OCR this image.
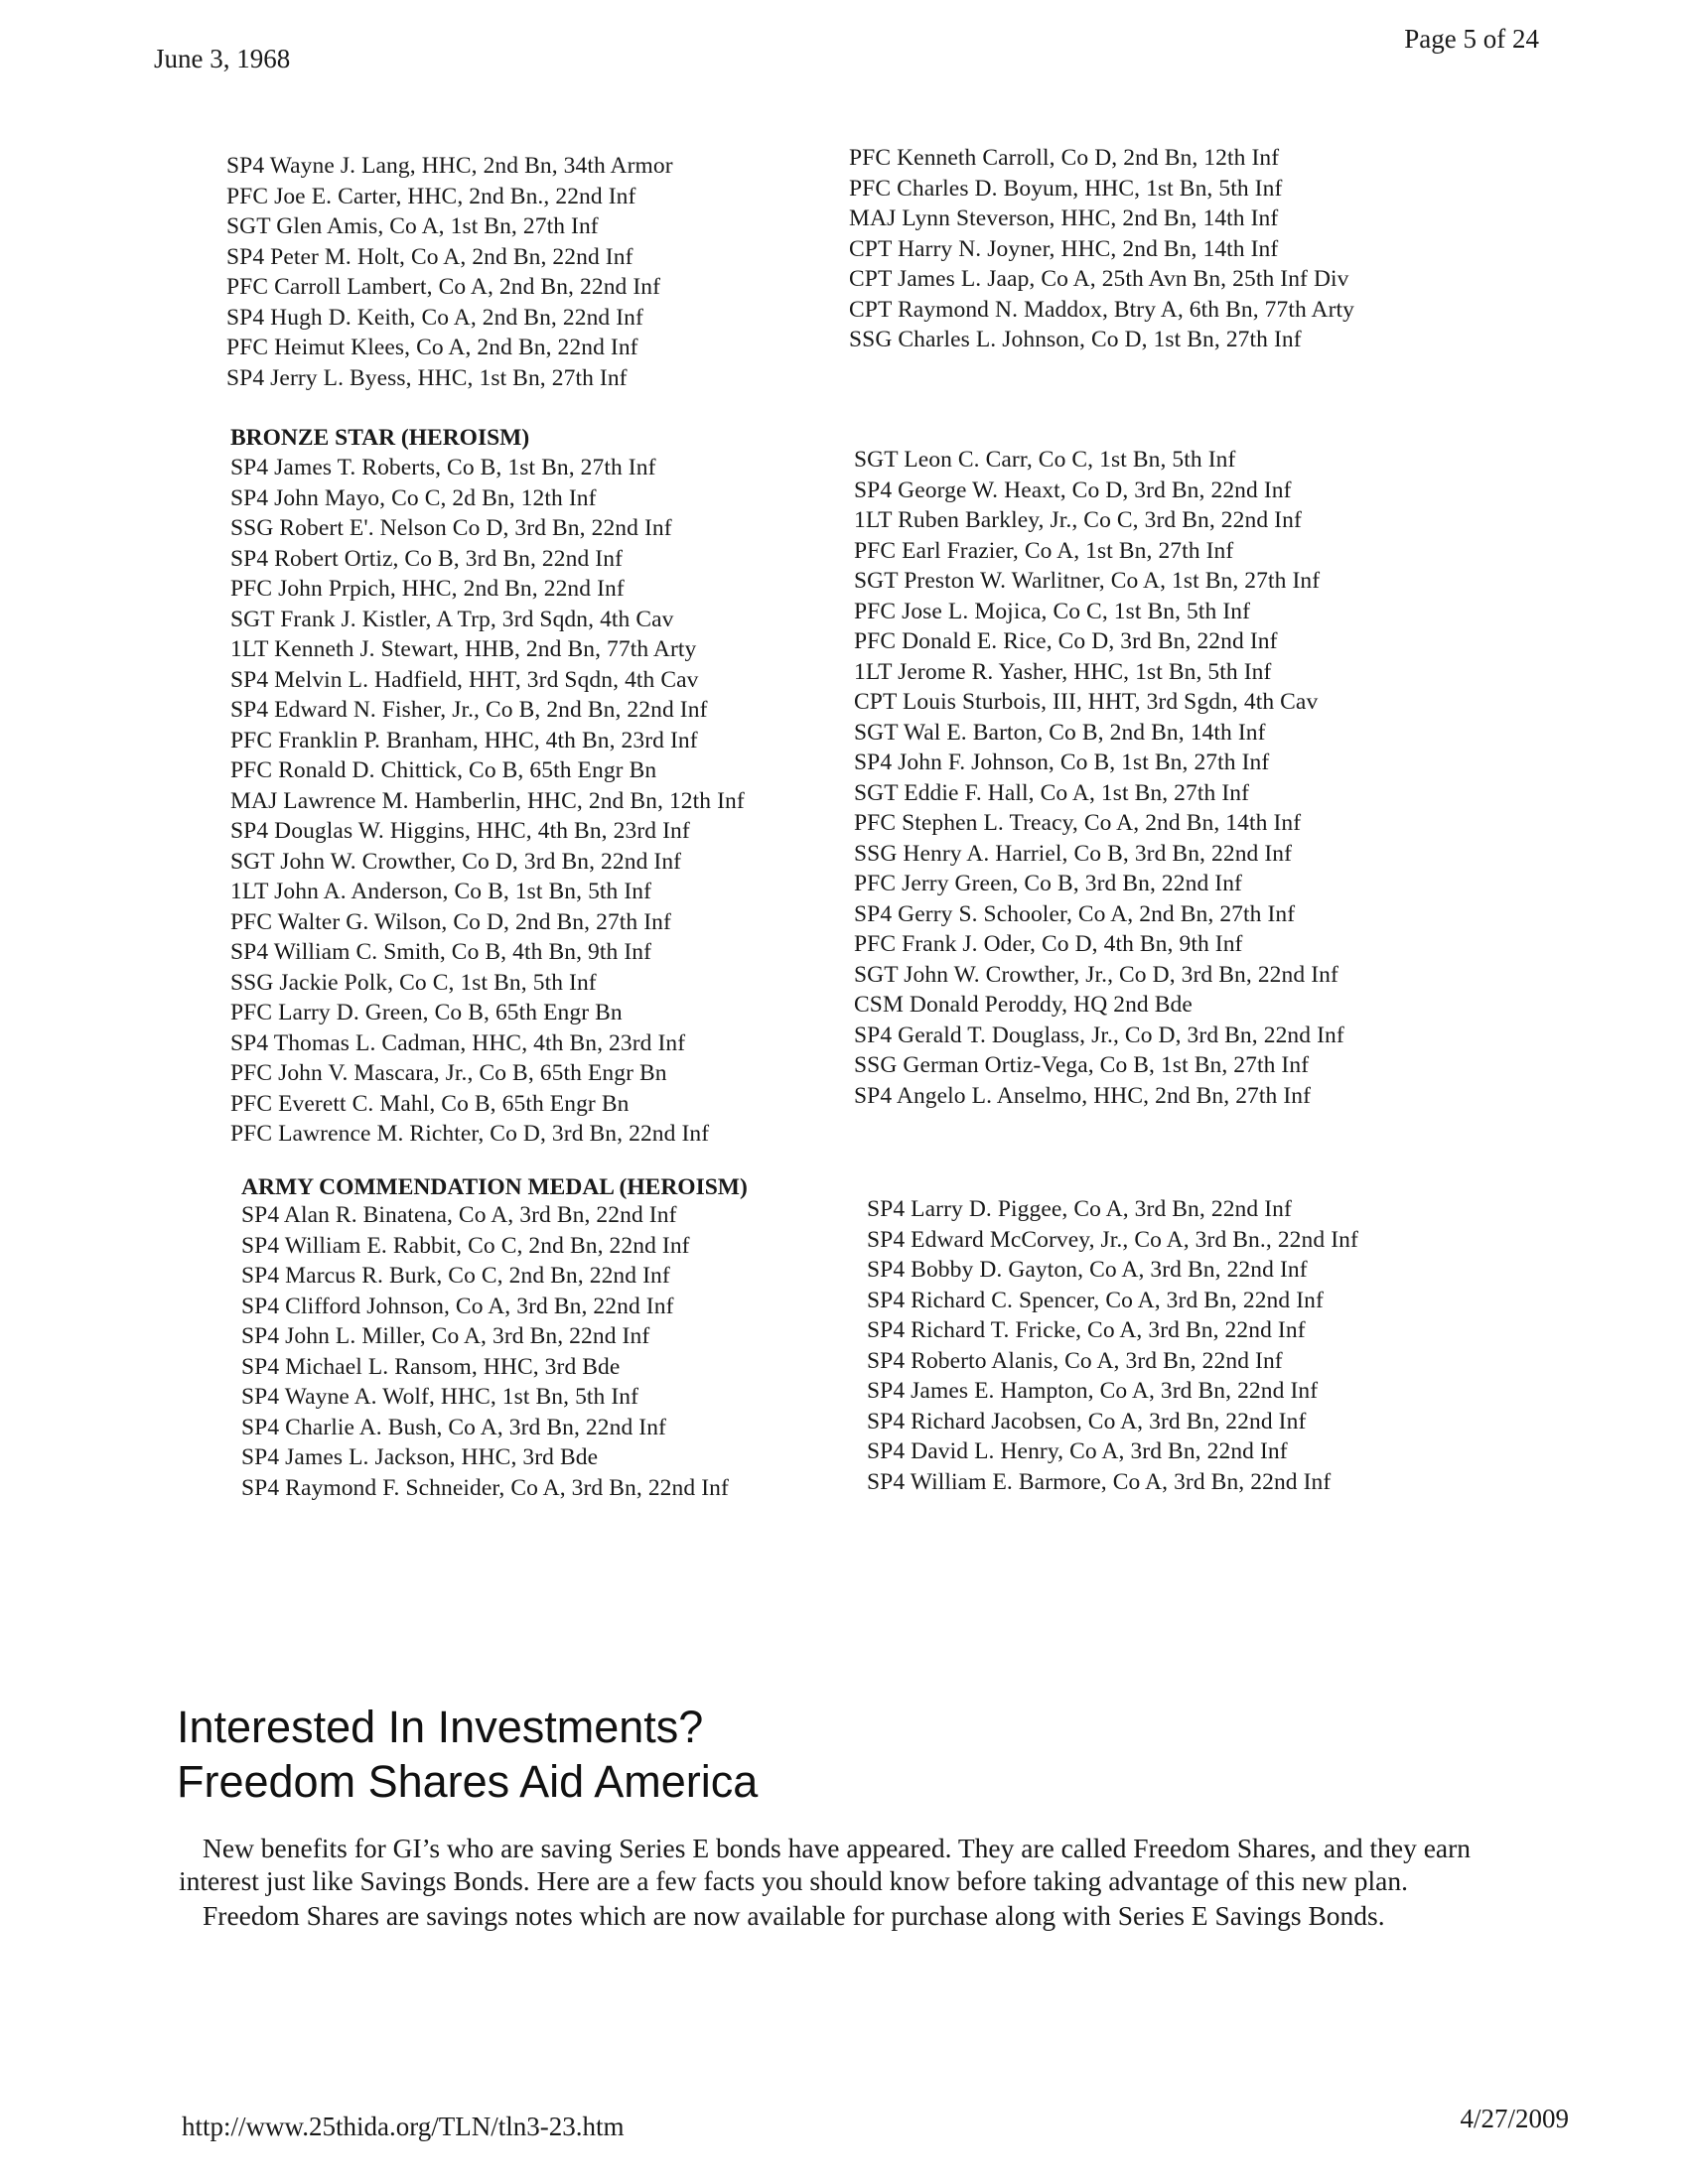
June 3, 1968
Page 5 of 24
SP4 Wayne J. Lang, HHC, 2nd Bn, 34th Armor
PFC Joe E. Carter, HHC, 2nd Bn., 22nd Inf
SGT Glen Amis, Co A, 1st Bn, 27th Inf
SP4 Peter M. Holt, Co A, 2nd Bn, 22nd Inf
PFC Carroll Lambert, Co A, 2nd Bn, 22nd Inf
SP4 Hugh D. Keith, Co A, 2nd Bn, 22nd Inf
PFC Heimut Klees, Co A, 2nd Bn, 22nd Inf
SP4 Jerry L. Byess, HHC, 1st Bn, 27th Inf
PFC Kenneth Carroll, Co D, 2nd Bn, 12th Inf
PFC Charles D. Boyum, HHC, 1st Bn, 5th Inf
MAJ Lynn Steverson, HHC, 2nd Bn, 14th Inf
CPT Harry N. Joyner, HHC, 2nd Bn, 14th Inf
CPT James L. Jaap, Co A, 25th Avn Bn, 25th Inf Div
CPT Raymond N. Maddox, Btry A, 6th Bn, 77th Arty
SSG Charles L. Johnson, Co D, 1st Bn, 27th Inf
BRONZE STAR (HEROISM)
SP4 James T. Roberts, Co B, 1st Bn, 27th Inf
SP4 John Mayo, Co C, 2d Bn, 12th Inf
SSG Robert E'. Nelson Co D, 3rd Bn, 22nd Inf
SP4 Robert Ortiz, Co B, 3rd Bn, 22nd Inf
PFC John Prpich, HHC, 2nd Bn, 22nd Inf
SGT Frank J. Kistler, A Trp, 3rd Sqdn, 4th Cav
1LT Kenneth J. Stewart, HHB, 2nd Bn, 77th Arty
SP4 Melvin L. Hadfield, HHT, 3rd Sqdn, 4th Cav
SP4 Edward N. Fisher, Jr., Co B, 2nd Bn, 22nd Inf
PFC Franklin P. Branham, HHC, 4th Bn, 23rd Inf
PFC Ronald D. Chittick, Co B, 65th Engr Bn
MAJ Lawrence M. Hamberlin, HHC, 2nd Bn, 12th Inf
SP4 Douglas W. Higgins, HHC, 4th Bn, 23rd Inf
SGT John W. Crowther, Co D, 3rd Bn, 22nd Inf
1LT John A. Anderson, Co B, 1st Bn, 5th Inf
PFC Walter G. Wilson, Co D, 2nd Bn, 27th Inf
SP4 William C. Smith, Co B, 4th Bn, 9th Inf
SSG Jackie Polk, Co C, 1st Bn, 5th Inf
PFC Larry D. Green, Co B, 65th Engr Bn
SP4 Thomas L. Cadman, HHC, 4th Bn, 23rd Inf
PFC John V. Mascara, Jr., Co B, 65th Engr Bn
PFC Everett C. Mahl, Co B, 65th Engr Bn
PFC Lawrence M. Richter, Co D, 3rd Bn, 22nd Inf
SGT Leon C. Carr, Co C, 1st Bn, 5th Inf
SP4 George W. Heaxt, Co D, 3rd Bn, 22nd Inf
1LT Ruben Barkley, Jr., Co C, 3rd Bn, 22nd Inf
PFC Earl Frazier, Co A, 1st Bn, 27th Inf
SGT Preston W. Warlitner, Co A, 1st Bn, 27th Inf
PFC Jose L. Mojica, Co C, 1st Bn, 5th Inf
PFC Donald E. Rice, Co D, 3rd Bn, 22nd Inf
1LT Jerome R. Yasher, HHC, 1st Bn, 5th Inf
CPT Louis Sturbois, III, HHT, 3rd Sgdn, 4th Cav
SGT Wal E. Barton, Co B, 2nd Bn, 14th Inf
SP4 John F. Johnson, Co B, 1st Bn, 27th Inf
SGT Eddie F. Hall, Co A, 1st Bn, 27th Inf
PFC Stephen L. Treacy, Co A, 2nd Bn, 14th Inf
SSG Henry A. Harriel, Co B, 3rd Bn, 22nd Inf
PFC Jerry Green, Co B, 3rd Bn, 22nd Inf
SP4 Gerry S. Schooler, Co A, 2nd Bn, 27th Inf
PFC Frank J. Oder, Co D, 4th Bn, 9th Inf
SGT John W. Crowther, Jr., Co D, 3rd Bn, 22nd Inf
CSM Donald Peroddy, HQ 2nd Bde
SP4 Gerald T. Douglass, Jr., Co D, 3rd Bn, 22nd Inf
SSG German Ortiz-Vega, Co B, 1st Bn, 27th Inf
SP4 Angelo L. Anselmo, HHC, 2nd Bn, 27th Inf
ARMY COMMENDATION MEDAL (HEROISM)
SP4 Alan R. Binatena, Co A, 3rd Bn, 22nd Inf
SP4 William E. Rabbit, Co C, 2nd Bn, 22nd Inf
SP4 Marcus R. Burk, Co C, 2nd Bn, 22nd Inf
SP4 Clifford Johnson, Co A, 3rd Bn, 22nd Inf
SP4 John L. Miller, Co A, 3rd Bn, 22nd Inf
SP4 Michael L. Ransom, HHC, 3rd Bde
SP4 Wayne A. Wolf, HHC, 1st Bn, 5th Inf
SP4 Charlie A. Bush, Co A, 3rd Bn, 22nd Inf
SP4 James L. Jackson, HHC, 3rd Bde
SP4 Raymond F. Schneider, Co A, 3rd Bn, 22nd Inf
SP4 Larry D. Piggee, Co A, 3rd Bn, 22nd Inf
SP4 Edward McCorvey, Jr., Co A, 3rd Bn., 22nd Inf
SP4 Bobby D. Gayton, Co A, 3rd Bn, 22nd Inf
SP4 Richard C. Spencer, Co A, 3rd Bn, 22nd Inf
SP4 Richard T. Fricke, Co A, 3rd Bn, 22nd Inf
SP4 Roberto Alanis, Co A, 3rd Bn, 22nd Inf
SP4 James E. Hampton, Co A, 3rd Bn, 22nd Inf
SP4 Richard Jacobsen, Co A, 3rd Bn, 22nd Inf
SP4 David L. Henry, Co A, 3rd Bn, 22nd Inf
SP4 William E. Barmore, Co A, 3rd Bn, 22nd Inf
Interested In Investments?
Freedom Shares Aid America

New benefits for GI’s who are saving Series E bonds have appeared. They are called Freedom Shares, and they earn interest just like Savings Bonds. Here are a few facts you should know before taking advantage of this new plan.

Freedom Shares are savings notes which are now available for purchase along with Series E Savings Bonds.

http://www.25thida.org/TLN/tln3-23.htm	4/27/2009
